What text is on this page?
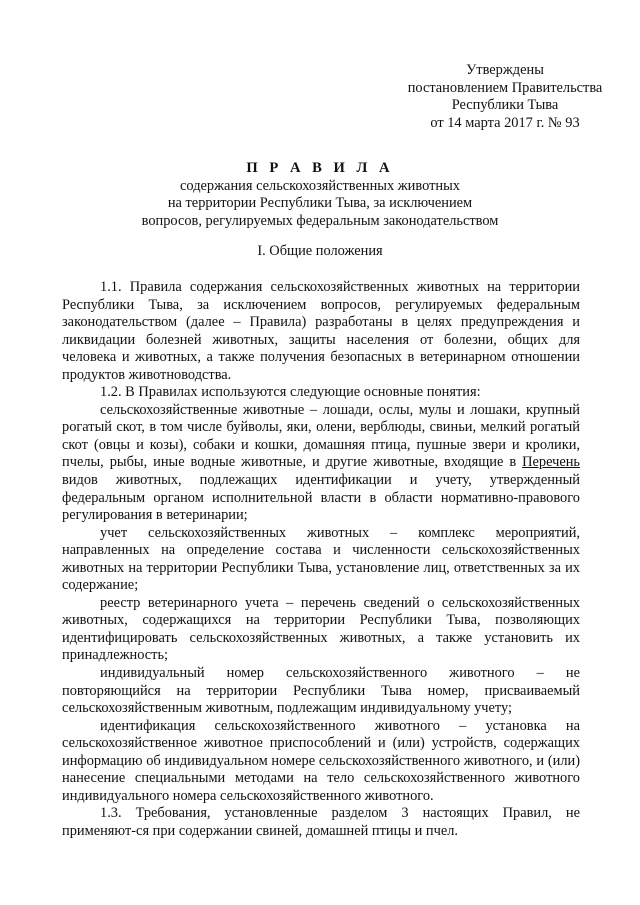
Утверждены
постановлением Правительства
Республики Тыва
от 14 марта 2017 г. № 93
П Р А В И Л А
содержания сельскохозяйственных животных
на территории Республики Тыва, за исключением
вопросов, регулируемых федеральным законодательством
I. Общие положения

1.1. Правила содержания сельскохозяйственных животных на территории Республики Тыва, за исключением вопросов, регулируемых федеральным законодательством (далее – Правила) разработаны в целях предупреждения и ликвидации болезней животных, защиты населения от болезни, общих для человека и животных, а также получения безопасных в ветеринарном отношении продуктов животноводства.

1.2. В Правилах используются следующие основные понятия:

сельскохозяйственные животные – лошади, ослы, мулы и лошаки, крупный рогатый скот, в том числе буйволы, яки, олени, верблюды, свиньи, мелкий рогатый скот (овцы и козы), собаки и кошки, домашняя птица, пушные звери и кролики, пчелы, рыбы, иные водные животные, и другие животные, входящие в Перечень видов животных, подлежащих идентификации и учету, утвержденный федеральным органом исполнительной власти в области нормативно-правового регулирования в ветеринарии;

учет сельскохозяйственных животных – комплекс мероприятий, направленных на определение состава и численности сельскохозяйственных животных на территории Республики Тыва, установление лиц, ответственных за их содержание;

реестр ветеринарного учета – перечень сведений о сельскохозяйственных животных, содержащихся на территории Республики Тыва, позволяющих идентифицировать сельскохозяйственных животных, а также установить их принадлежность;

индивидуальный номер сельскохозяйственного животного – не повторяющийся на территории Республики Тыва номер, присваиваемый сельскохозяйственным животным, подлежащим индивидуальному учету;

идентификация сельскохозяйственного животного – установка на сельскохозяйственное животное приспособлений и (или) устройств, содержащих информацию об индивидуальном номере сельскохозяйственного животного, и (или) нанесение специальными методами на тело сельскохозяйственного животного индивидуального номера сельскохозяйственного животного.

1.3. Требования, установленные разделом 3 настоящих Правил, не применяют-ся при содержании свиней, домашней птицы и пчел.
